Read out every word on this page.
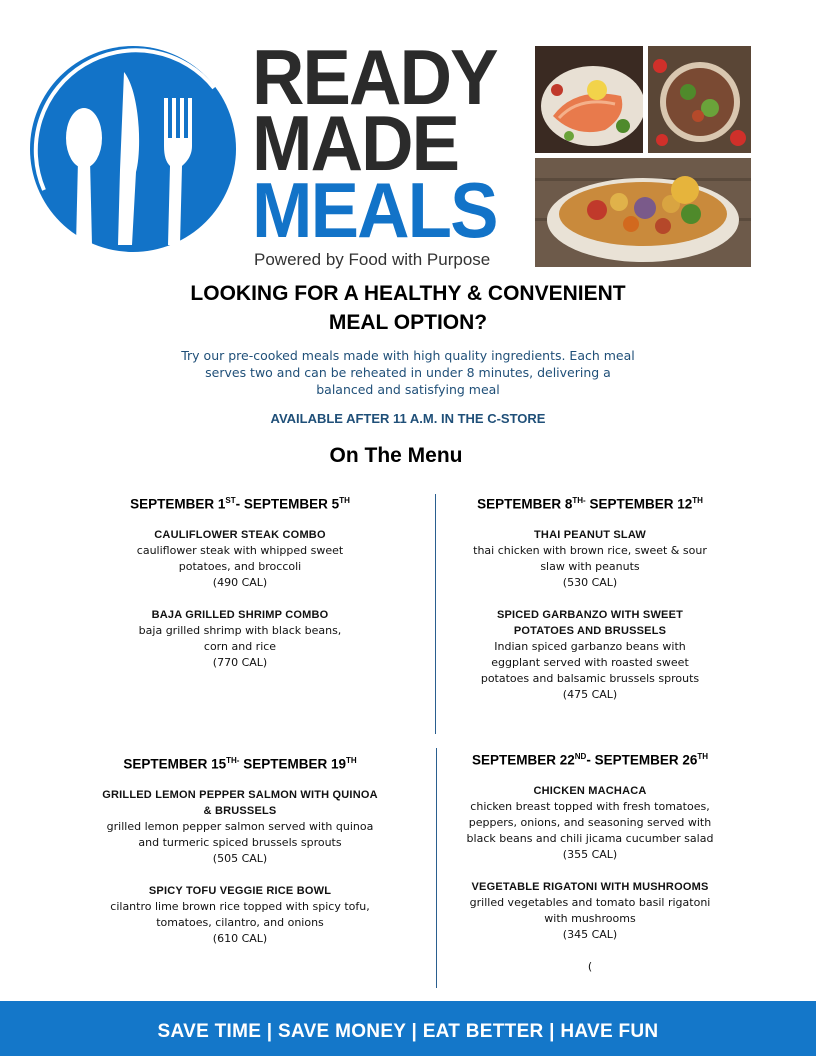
READY
MADE
MEALS
Powered by Food with Purpose
LOOKING FOR A HEALTHY & CONVENIENT
MEAL OPTION?
Try our pre-cooked meals made with high quality ingredients. Each meal
serves two and can be reheated in under 8 minutes, delivering a
balanced and satisfying meal
AVAILABLE AFTER 11 A.M. IN THE C-STORE
On The Menu
SEPTEMBER 1ST- SEPTEMBER 5TH
CAULIFLOWER STEAK COMBO
cauliflower steak with whipped sweet
potatoes, and broccoli
(490 CAL)
BAJA GRILLED SHRIMP COMBO
baja grilled shrimp with black beans,
corn and rice
(770 CAL)
SEPTEMBER $8^{TH-}$ SEPTEMBER 12TH
THAI PEANUT SLAW
thai chicken with brown rice, sweet & sour
slaw with peanuts
(530 CAL)
SPICED GARBANZO WITH SWEET
POTATOES AND BRUSSELS
Indian spiced garbanzo beans with
eggplant served with roasted sweet
potatoes and balsamic brussels sprouts
(475 CAL)
SEPTEMBER $15^{TH-}$ SEPTEMBER 19TH
GRILLED LEMON PEPPER SALMON WITH QUINOA
& BRUSSELS
grilled lemon pepper salmon served with quinoa
and turmeric spiced brussels sprouts
(505 CAL)
SPICY TOFU VEGGIE RICE BOWL
cilantro lime brown rice topped with spicy tofu,
tomatoes, cilantro, and onions
(610 CAL)
SEPTEMBER 22ND- SEPTEMBER 26TH
CHICKEN MACHACA
chicken breast topped with fresh tomatoes,
peppers, onions, and seasoning served with
black beans and chili jicama cucumber salad
(355 CAL)
VEGETABLE RIGATONI WITH MUSHROOMS
grilled vegetables and tomato basil rigatoni
with mushrooms
(345 CAL)
(
SAVE TIME | SAVE MONEY | EAT BETTER | HAVE FUN
